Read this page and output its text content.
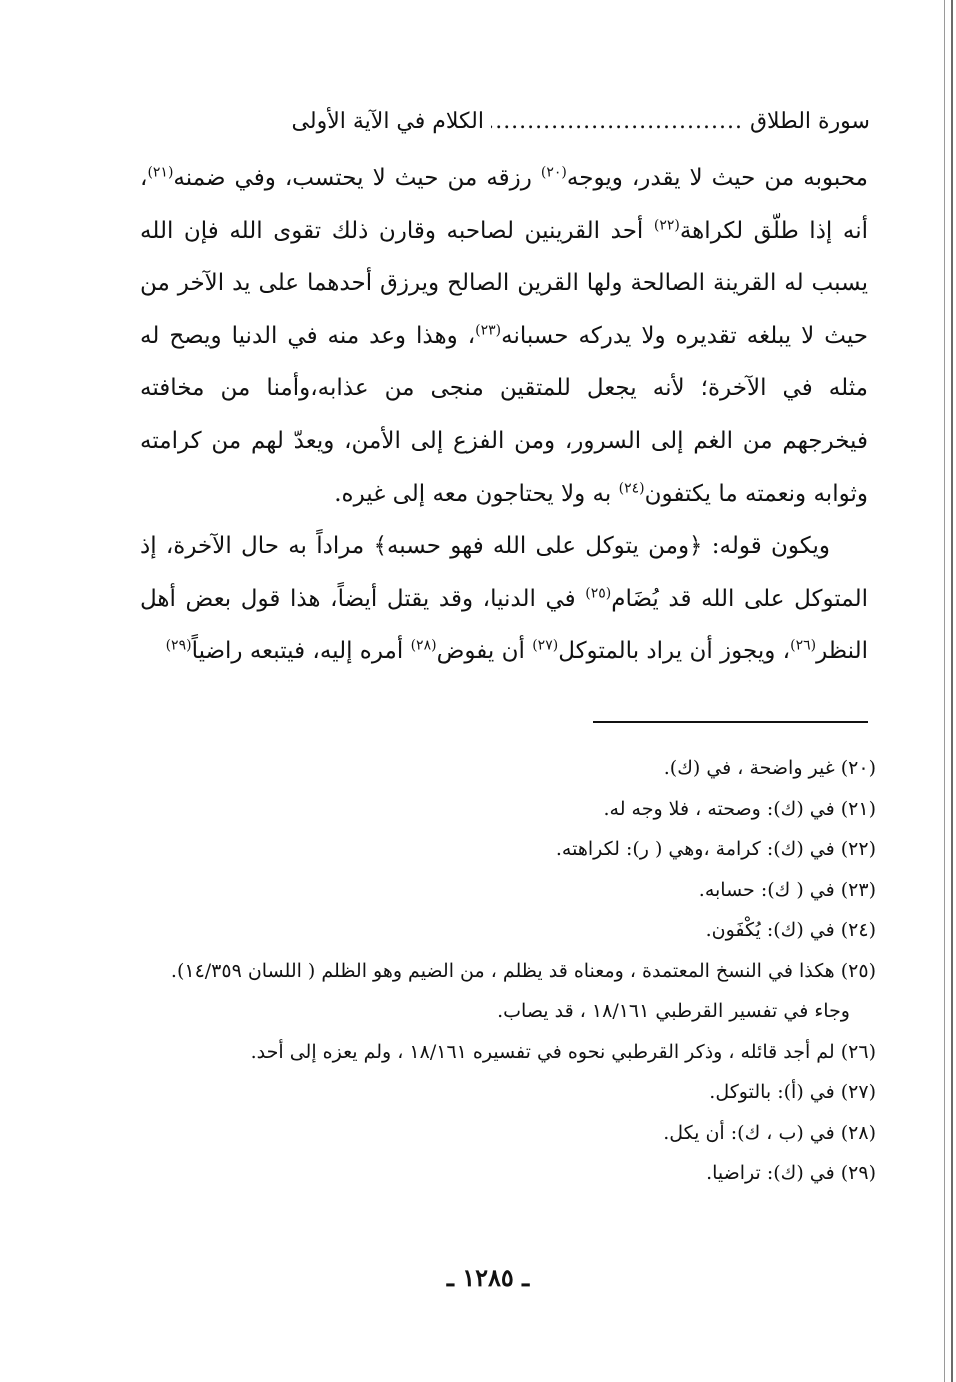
سورة الطلاق ..... الكلام في الآية الأولى

محبوبه من حيث لا يقدر، ويوجه$^{(٢٠)}$ رزقه من حيث لا يحتسب، وفي ضمنه$^{(٢١)}$، أنه إذا طلّق لكراهة$^{(٢٢)}$ أحد القرينين لصاحبه وقارن ذلك تقوى الله فإن الله يسبب له القرينة الصالحة ولها القرين الصالح ويرزق أحدهما على يد الآخر من حيث لا يبلغه تقديره ولا يدركه حسبانه$^{(٢٣)}$، وهذا وعد منه في الدنيا ويصح له مثله في الآخرة؛ لأنه يجعل للمتقين منجى من عذابه،وأمنا من مخافته فيخرجهم من الغم إلى السرور، ومن الفزع إلى الأمن، ويعدّ لهم من كرامته وثوابه ونعمته ما يكتفون$^{(٢٤)}$ به ولا يحتاجون معه إلى غيره.

ويكون قوله: ﴿ومن يتوكل على الله فهو حسبه﴾ مراداً به حال الآخرة، إذ المتوكل على الله قد يُضَام$^{(٢٥)}$ في الدنيا، وقد يقتل أيضاً، هذا قول بعض أهل النظر$^{(٢٦)}$، ويجوز أن يراد بالمتوكل$^{(٢٧)}$ أن يفوض$^{(٢٨)}$ أمره إليه، فيتبعه راضياً$^{(٢٩)}$

(٢٠) غير واضحة ، في (ك).
(٢١) في (ك): وصحته ، فلا وجه له.
(٢٢) في (ك): كرامة ،وهي ( ر): لكراهته.
(٢٣) في ( ك): حسابه.
(٢٤) في (ك): يُكْفَون.
(٢٥) هكذا في النسخ المعتمدة ، ومعناه قد يظلم ، من الضيم وهو الظلم ( اللسان ١٤/٣٥٩).
وجاء في تفسير القرطبي ١٨/١٦١ ، قد يصاب.
(٢٦) لم أجد قائله ، وذكر القرطبي نحوه في تفسيره ١٨/١٦١ ، ولم يعزه إلى أحد.
(٢٧) في (أ): بالتوكل.
(٢٨) في (ب ، ك): أن يكل.
(٢٩) في (ك): تراضيا.
ـ ١٢٨٥ ـ
